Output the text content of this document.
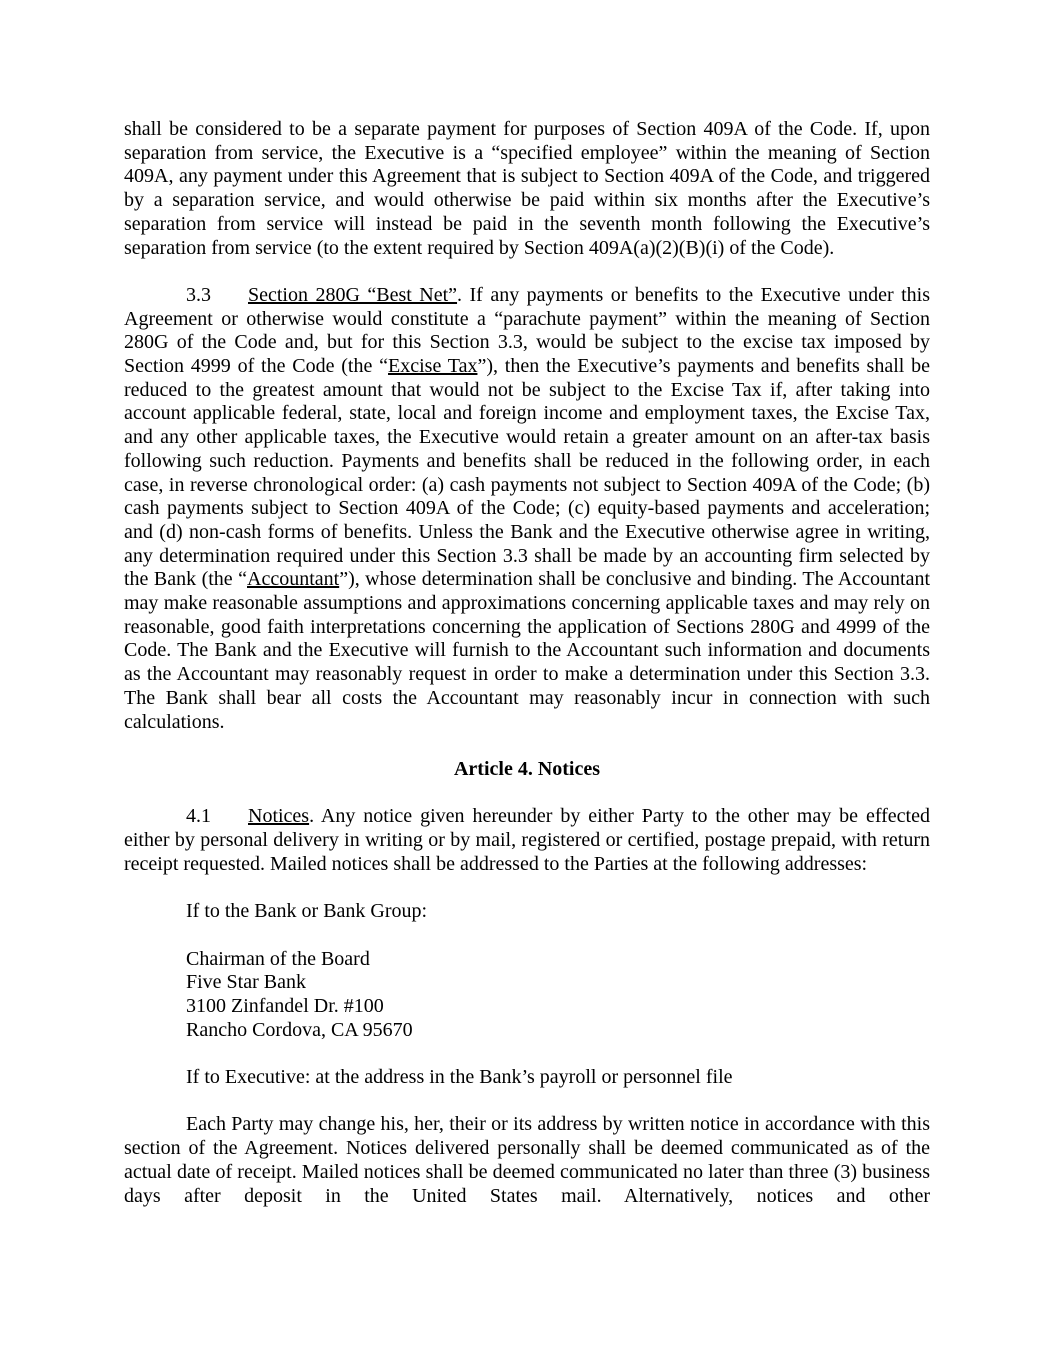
shall be considered to be a separate payment for purposes of Section 409A of the Code. If, upon separation from service, the Executive is a “specified employee” within the meaning of Section 409A, any payment under this Agreement that is subject to Section 409A of the Code, and triggered by a separation service, and would otherwise be paid within six months after the Executive’s separation from service will instead be paid in the seventh month following the Executive’s separation from service (to the extent required by Section 409A(a)(2)(B)(i) of the Code).

3.3 Section 280G “Best Net”. If any payments or benefits to the Executive under this Agreement or otherwise would constitute a “parachute payment” within the meaning of Section 280G of the Code and, but for this Section 3.3, would be subject to the excise tax imposed by Section 4999 of the Code (the “Excise Tax”), then the Executive’s payments and benefits shall be reduced to the greatest amount that would not be subject to the Excise Tax if, after taking into account applicable federal, state, local and foreign income and employment taxes, the Excise Tax, and any other applicable taxes, the Executive would retain a greater amount on an after-tax basis following such reduction. Payments and benefits shall be reduced in the following order, in each case, in reverse chronological order: (a) cash payments not subject to Section 409A of the Code; (b) cash payments subject to Section 409A of the Code; (c) equity-based payments and acceleration; and (d) non-cash forms of benefits. Unless the Bank and the Executive otherwise agree in writing, any determination required under this Section 3.3 shall be made by an accounting firm selected by the Bank (the “Accountant”), whose determination shall be conclusive and binding. The Accountant may make reasonable assumptions and approximations concerning applicable taxes and may rely on reasonable, good faith interpretations concerning the application of Sections 280G and 4999 of the Code. The Bank and the Executive will furnish to the Accountant such information and documents as the Accountant may reasonably request in order to make a determination under this Section 3.3. The Bank shall bear all costs the Accountant may reasonably incur in connection with such calculations.

Article 4. Notices

4.1 Notices. Any notice given hereunder by either Party to the other may be effected either by personal delivery in writing or by mail, registered or certified, postage prepaid, with return receipt requested. Mailed notices shall be addressed to the Parties at the following addresses:

If to the Bank or Bank Group:

Chairman of the Board
Five Star Bank
3100 Zinfandel Dr. #100
Rancho Cordova, CA 95670

If to Executive: at the address in the Bank’s payroll or personnel file

Each Party may change his, her, their or its address by written notice in accordance with this section of the Agreement. Notices delivered personally shall be deemed communicated as of the actual date of receipt. Mailed notices shall be deemed communicated no later than three (3) business days after deposit in the United States mail. Alternatively, notices and other
